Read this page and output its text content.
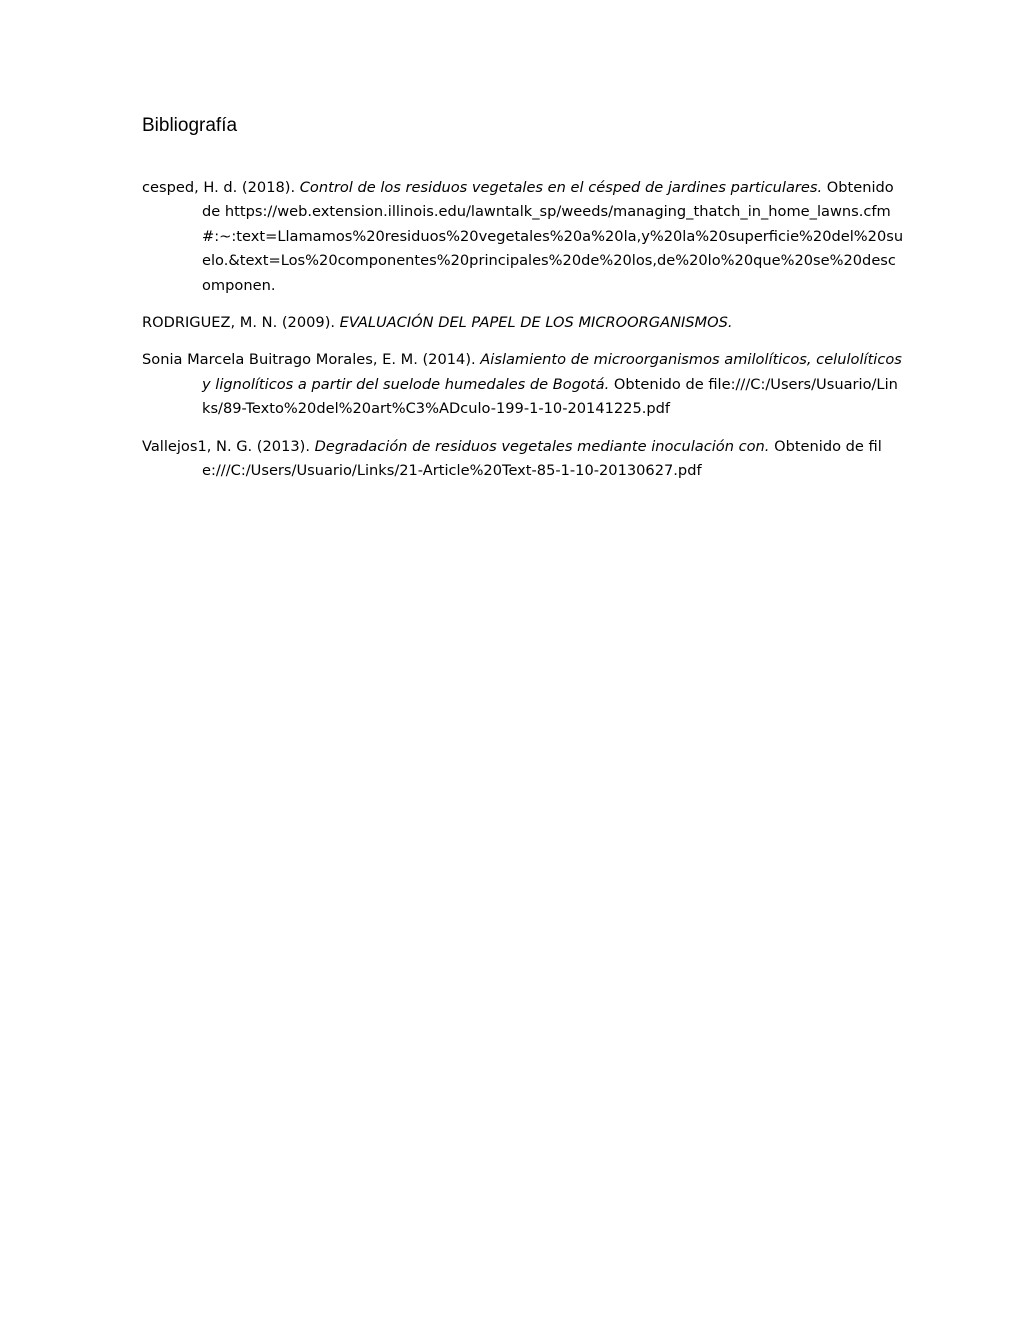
Bibliografía

cesped, H. d. (2018). Control de los residuos vegetales en el césped de jardines particulares. Obtenido de https://web.extension.illinois.edu/lawntalk_sp/weeds/managing_thatch_in_home_lawns.cfm#:~:text=Llamamos%20residuos%20vegetales%20a%20la,y%20la%20superficie%20del%20suelo.&text=Los%20componentes%20principales%20de%20los,de%20lo%20que%20se%20descomponen.

RODRIGUEZ, M. N. (2009). EVALUACIÓN DEL PAPEL DE LOS MICROORGANISMOS.

Sonia Marcela Buitrago Morales, E. M. (2014). Aislamiento de microorganismos amilolíticos, celulolíticos y lignolíticos a partir del suelode humedales de Bogotá. Obtenido de file:///C:/Users/Usuario/Links/89-Texto%20del%20art%C3%ADculo-199-1-10-20141225.pdf

Vallejos1, N. G. (2013). Degradación de residuos vegetales mediante inoculación con. Obtenido de file:///C:/Users/Usuario/Links/21-Article%20Text-85-1-10-20130627.pdf
